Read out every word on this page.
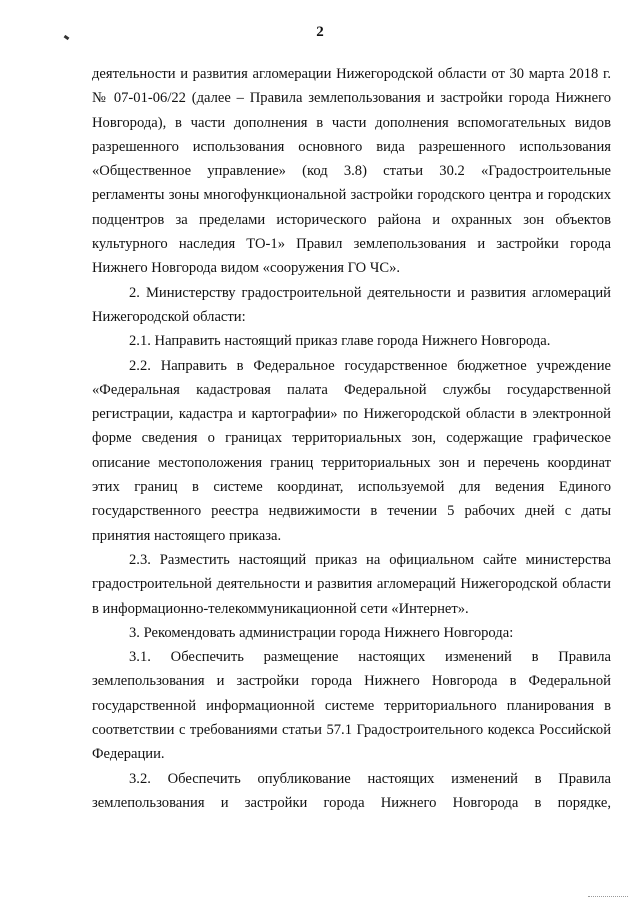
2

деятельности и развития агломерации Нижегородской области от 30 марта 2018 г. № 07-01-06/22 (далее – Правила землепользования и застройки города Нижнего Новгорода), в части дополнения в части дополнения вспомогательных видов разрешенного использования основного вида разрешенного использования «Общественное управление» (код 3.8) статьи 30.2 «Градостроительные регламенты зоны многофункциональной застройки городского центра и городских подцентров за пределами исторического района и охранных зон объектов культурного наследия ТО-1» Правил землепользования и застройки города Нижнего Новгорода видом «сооружения ГО ЧС».

2. Министерству градостроительной деятельности и развития агломераций Нижегородской области:

2.1. Направить настоящий приказ главе города Нижнего Новгорода.

2.2. Направить в Федеральное государственное бюджетное учреждение «Федеральная кадастровая палата Федеральной службы государственной регистрации, кадастра и картографии» по Нижегородской области в электронной форме сведения о границах территориальных зон, содержащие графическое описание местоположения границ территориальных зон и перечень координат этих границ в системе координат, используемой для ведения Единого государственного реестра недвижимости в течении 5 рабочих дней с даты принятия настоящего приказа.

2.3. Разместить настоящий приказ на официальном сайте министерства градостроительной деятельности и развития агломераций Нижегородской области в информационно-телекоммуникационной сети «Интернет».

3. Рекомендовать администрации города Нижнего Новгорода:

3.1. Обеспечить размещение настоящих изменений в Правила землепользования и застройки города Нижнего Новгорода в Федеральной государственной информационной системе территориального планирования в соответствии с требованиями статьи 57.1 Градостроительного кодекса Российской Федерации.

3.2. Обеспечить опубликование настоящих изменений в Правила землепользования и застройки города Нижнего Новгорода в порядке,
